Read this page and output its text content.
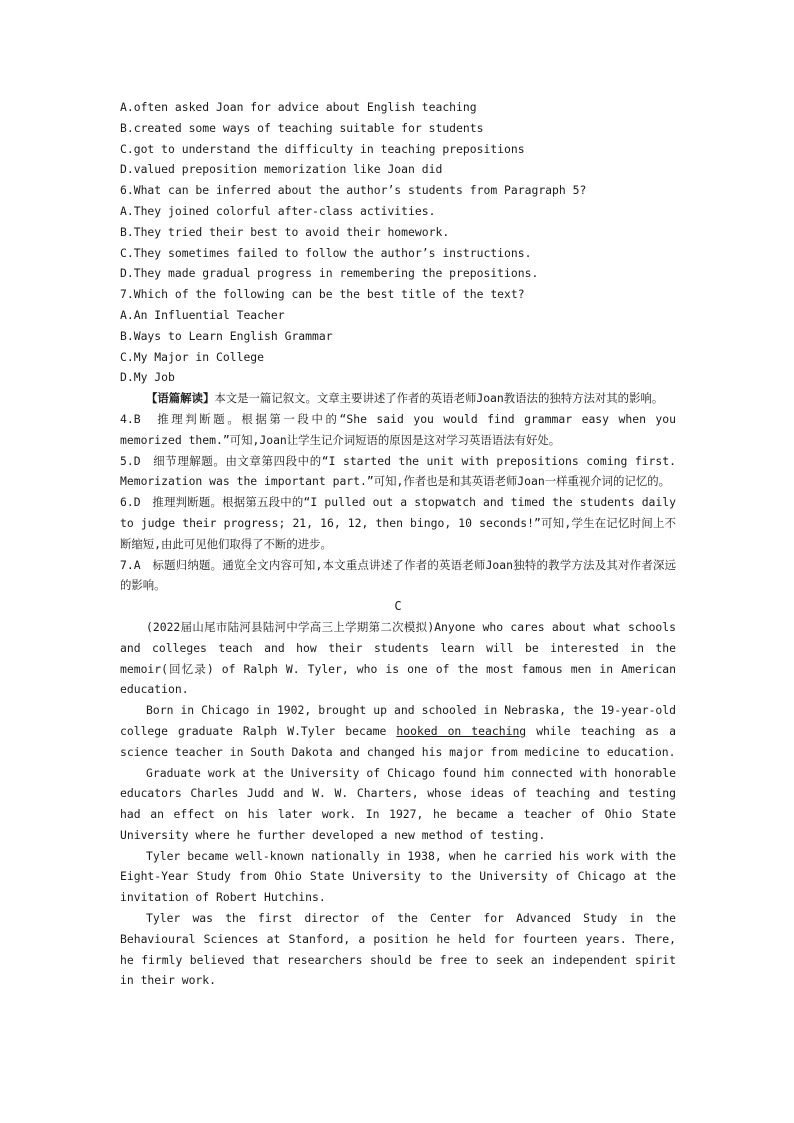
A.often asked Joan for advice about English teaching
B.created some ways of teaching suitable for students
C.got to understand the difficulty in teaching prepositions
D.valued preposition memorization like Joan did
6.What can be inferred about the author’s students from Paragraph 5?
A.They joined colorful after-class activities.
B.They tried their best to avoid their homework.
C.They sometimes failed to follow the author’s instructions.
D.They made gradual progress in remembering the prepositions.
7.Which of the following can be the best title of the text?
A.An Influential Teacher
B.Ways to Learn English Grammar
C.My Major in College
D.My Job
【语篇解读】本文是一篇记叙文。文章主要讲述了作者的英语老师Joan教语法的独特方法对其的影响。
4.B　推理判断题。根据第一段中的“She said you would find grammar easy when you memorized them.”可知,Joan让学生记介词短语的原因是这对学习英语语法有好处。
5.D　细节理解题。由文章第四段中的“I started the unit with prepositions coming first. Memorization was the important part.”可知,作者也是和其英语老师Joan一样重视介词的记忆的。
6.D　推理判断题。根据第五段中的“I pulled out a stopwatch and timed the students daily to judge their progress; 21, 16, 12, then bingo, 10 seconds!”可知,学生在记忆时间上不断缩短,由此可见他们取得了不断的进步。
7.A　标题归纳题。通览全文内容可知,本文重点讲述了作者的英语老师Joan独特的教学方法及其对作者深远的影响。
C
(2022届山尾市陆河县陆河中学高三上学期第二次模拟)Anyone who cares about what schools and colleges teach and how their students learn will be interested in the memoir(回忆录) of Ralph W. Tyler, who is one of the most famous men in American education.
Born in Chicago in 1902, brought up and schooled in Nebraska, the 19-year-old college graduate Ralph W.Tyler became hooked on teaching while teaching as a science teacher in South Dakota and changed his major from medicine to education.
Graduate work at the University of Chicago found him connected with honorable educators Charles Judd and W. W. Charters, whose ideas of teaching and testing had an effect on his later work. In 1927, he became a teacher of Ohio State University where he further developed a new method of testing.
Tyler became well-known nationally in 1938, when he carried his work with the Eight-Year Study from Ohio State University to the University of Chicago at the invitation of Robert Hutchins.
Tyler was the first director of the Center for Advanced Study in the Behavioural Sciences at Stanford, a position he held for fourteen years. There, he firmly believed that researchers should be free to seek an independent spirit in their work.
